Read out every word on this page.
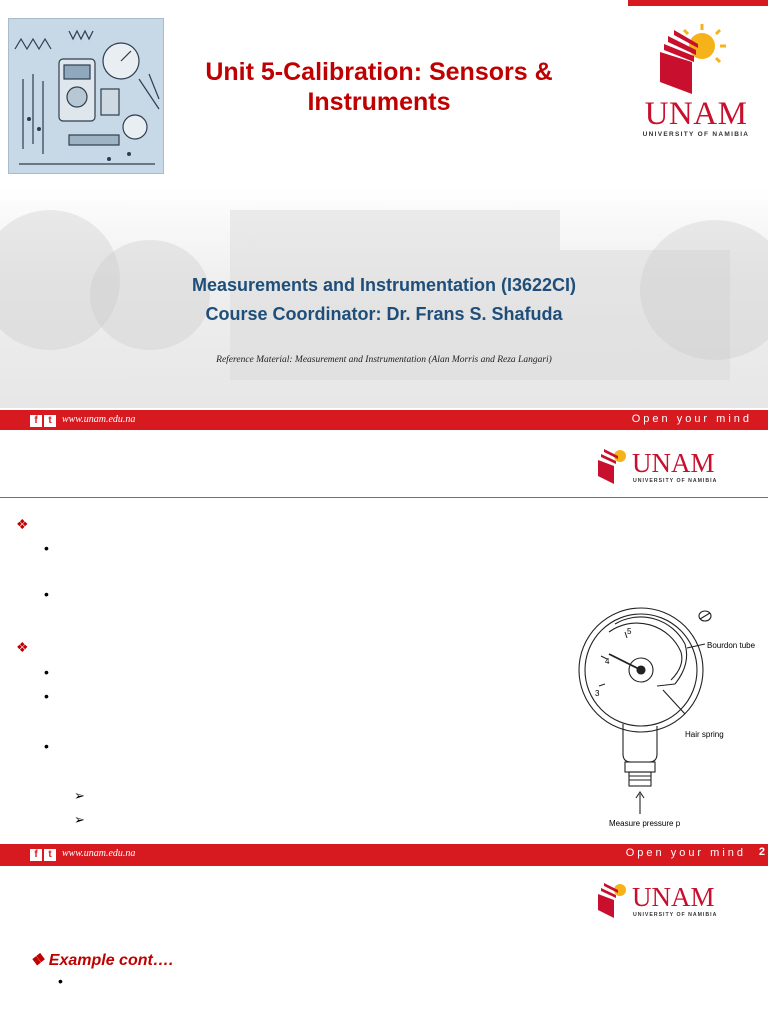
Unit 5-Calibration: Sensors &
Instruments	UNAM
UNIVERSITY OF NAMIBIA
Measurements and Instrumentation (I3622CI)
Course Coordinator: Dr. Frans S. Shafuda
Reference Material: Measurement and Instrumentation (Alan Morris and Reza Langari)
f	t	www.unam.edu.na	Open your mind
UNAM
UNIVERSITY OF NAMIBIA
❖
•
•
❖
•
•
•
➢
➢
3
4
5
Bourdon tube
Hair spring
Measure pressure p
f	t	www.unam.edu.na	Open your mind 2
UNAM
UNIVERSITY OF NAMIBIA
❖ Example cont….
•
